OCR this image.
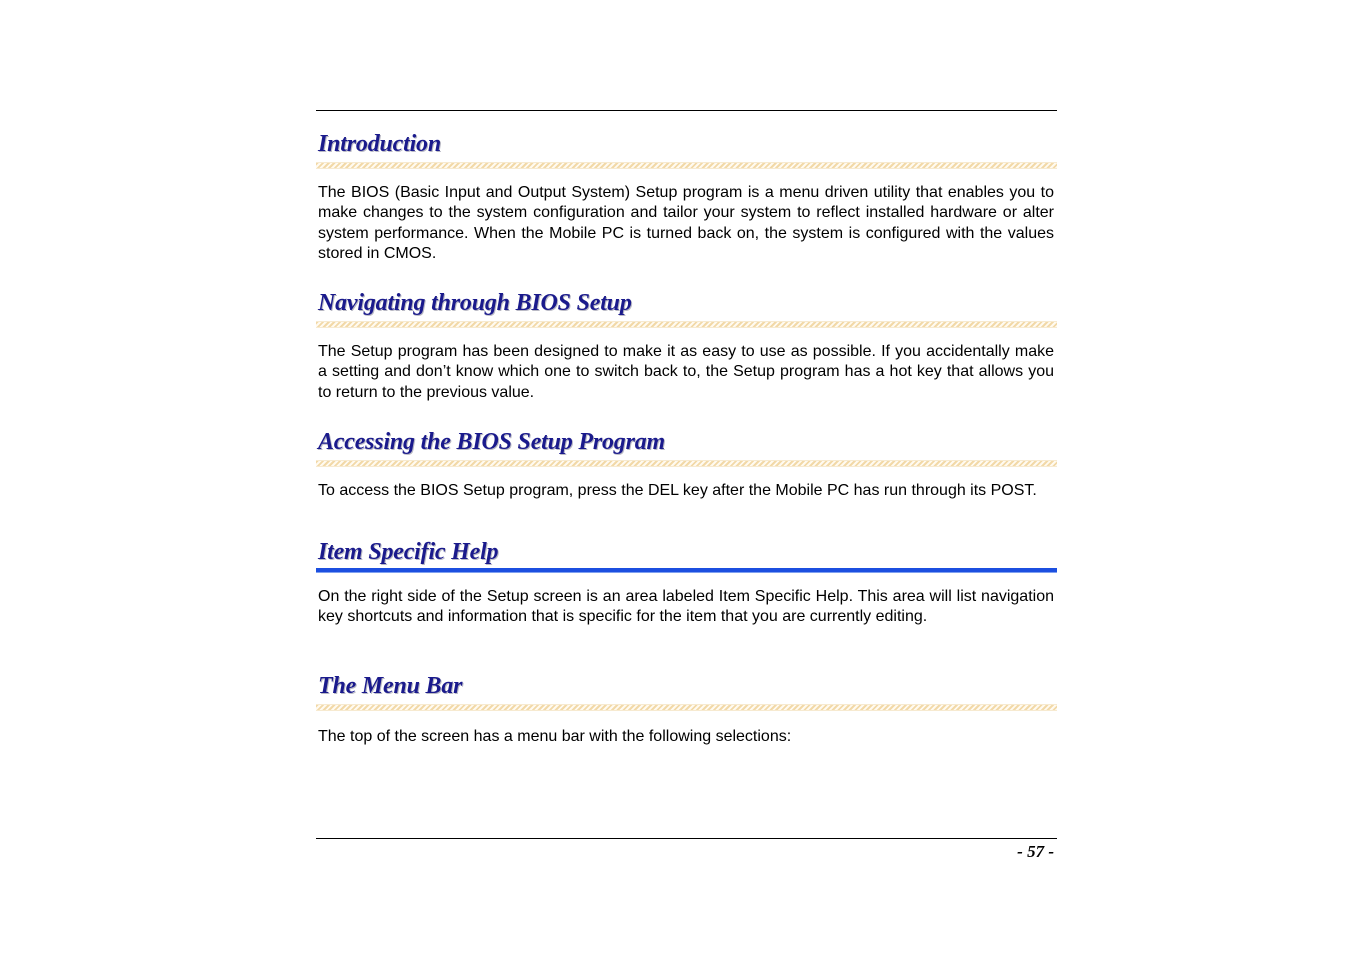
Introduction

The BIOS (Basic Input and Output System) Setup program is a menu driven utility that enables you to make changes to the system configuration and tailor your system to reflect installed hardware or alter system performance. When the Mobile PC is turned back on, the system is configured with the values stored in CMOS.

Navigating through BIOS Setup

The Setup program has been designed to make it as easy to use as possible. If you accidentally make a setting and don’t know which one to switch back to, the Setup program has a hot key that allows you to return to the previous value.

Accessing the BIOS Setup Program

To access the BIOS Setup program, press the DEL key after the Mobile PC has run through its POST.

Item Specific Help

On the right side of the Setup screen is an area labeled Item Specific Help. This area will list navigation key shortcuts and information that is specific for the item that you are currently editing.

The Menu Bar

The top of the screen has a menu bar with the following selections:

- 57 -
